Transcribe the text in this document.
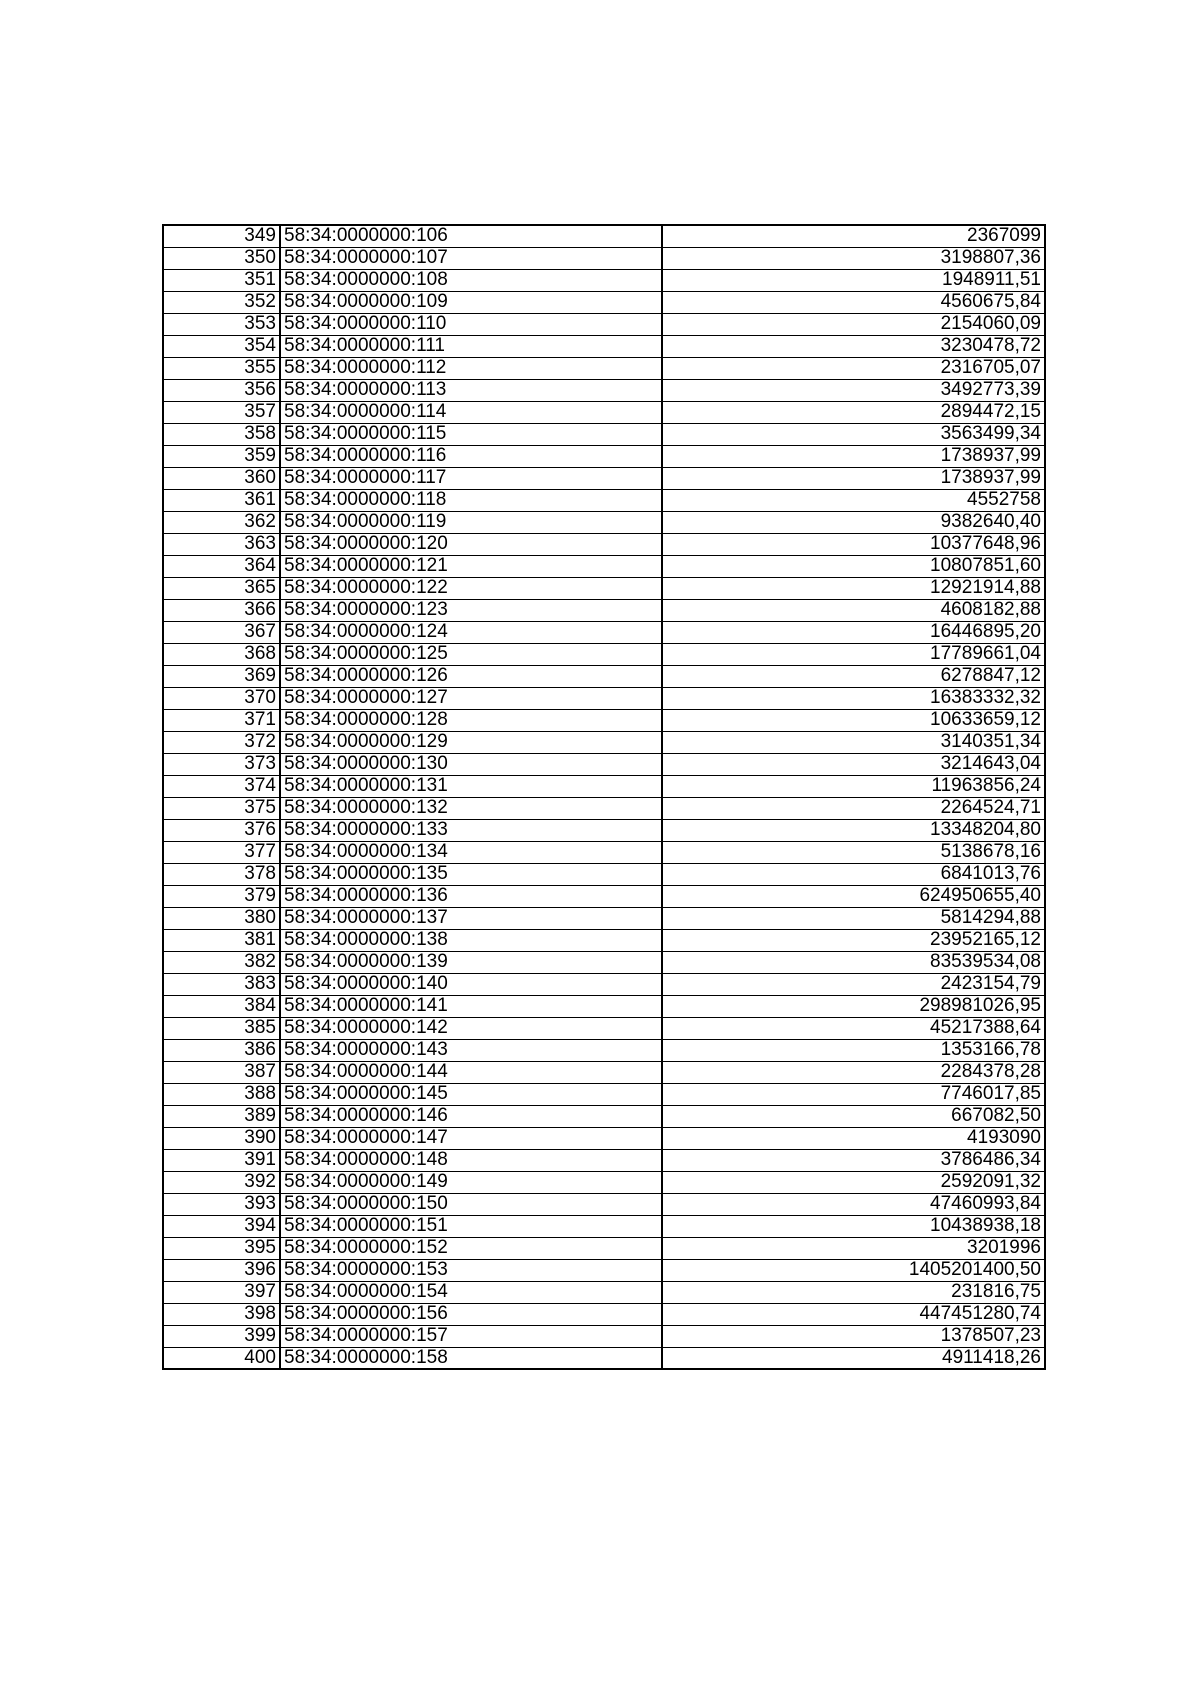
349	58:34:0000000:106	2367099
350	58:34:0000000:107	3198807,36
351	58:34:0000000:108	1948911,51
352	58:34:0000000:109	4560675,84
353	58:34:0000000:110	2154060,09
354	58:34:0000000:111	3230478,72
355	58:34:0000000:112	2316705,07
356	58:34:0000000:113	3492773,39
357	58:34:0000000:114	2894472,15
358	58:34:0000000:115	3563499,34
359	58:34:0000000:116	1738937,99
360	58:34:0000000:117	1738937,99
361	58:34:0000000:118	4552758
362	58:34:0000000:119	9382640,40
363	58:34:0000000:120	10377648,96
364	58:34:0000000:121	10807851,60
365	58:34:0000000:122	12921914,88
366	58:34:0000000:123	4608182,88
367	58:34:0000000:124	16446895,20
368	58:34:0000000:125	17789661,04
369	58:34:0000000:126	6278847,12
370	58:34:0000000:127	16383332,32
371	58:34:0000000:128	10633659,12
372	58:34:0000000:129	3140351,34
373	58:34:0000000:130	3214643,04
374	58:34:0000000:131	11963856,24
375	58:34:0000000:132	2264524,71
376	58:34:0000000:133	13348204,80
377	58:34:0000000:134	5138678,16
378	58:34:0000000:135	6841013,76
379	58:34:0000000:136	624950655,40
380	58:34:0000000:137	5814294,88
381	58:34:0000000:138	23952165,12
382	58:34:0000000:139	83539534,08
383	58:34:0000000:140	2423154,79
384	58:34:0000000:141	298981026,95
385	58:34:0000000:142	45217388,64
386	58:34:0000000:143	1353166,78
387	58:34:0000000:144	2284378,28
388	58:34:0000000:145	7746017,85
389	58:34:0000000:146	667082,50
390	58:34:0000000:147	4193090
391	58:34:0000000:148	3786486,34
392	58:34:0000000:149	2592091,32
393	58:34:0000000:150	47460993,84
394	58:34:0000000:151	10438938,18
395	58:34:0000000:152	3201996
396	58:34:0000000:153	1405201400,50
397	58:34:0000000:154	231816,75
398	58:34:0000000:156	447451280,74
399	58:34:0000000:157	1378507,23
400	58:34:0000000:158	4911418,26
